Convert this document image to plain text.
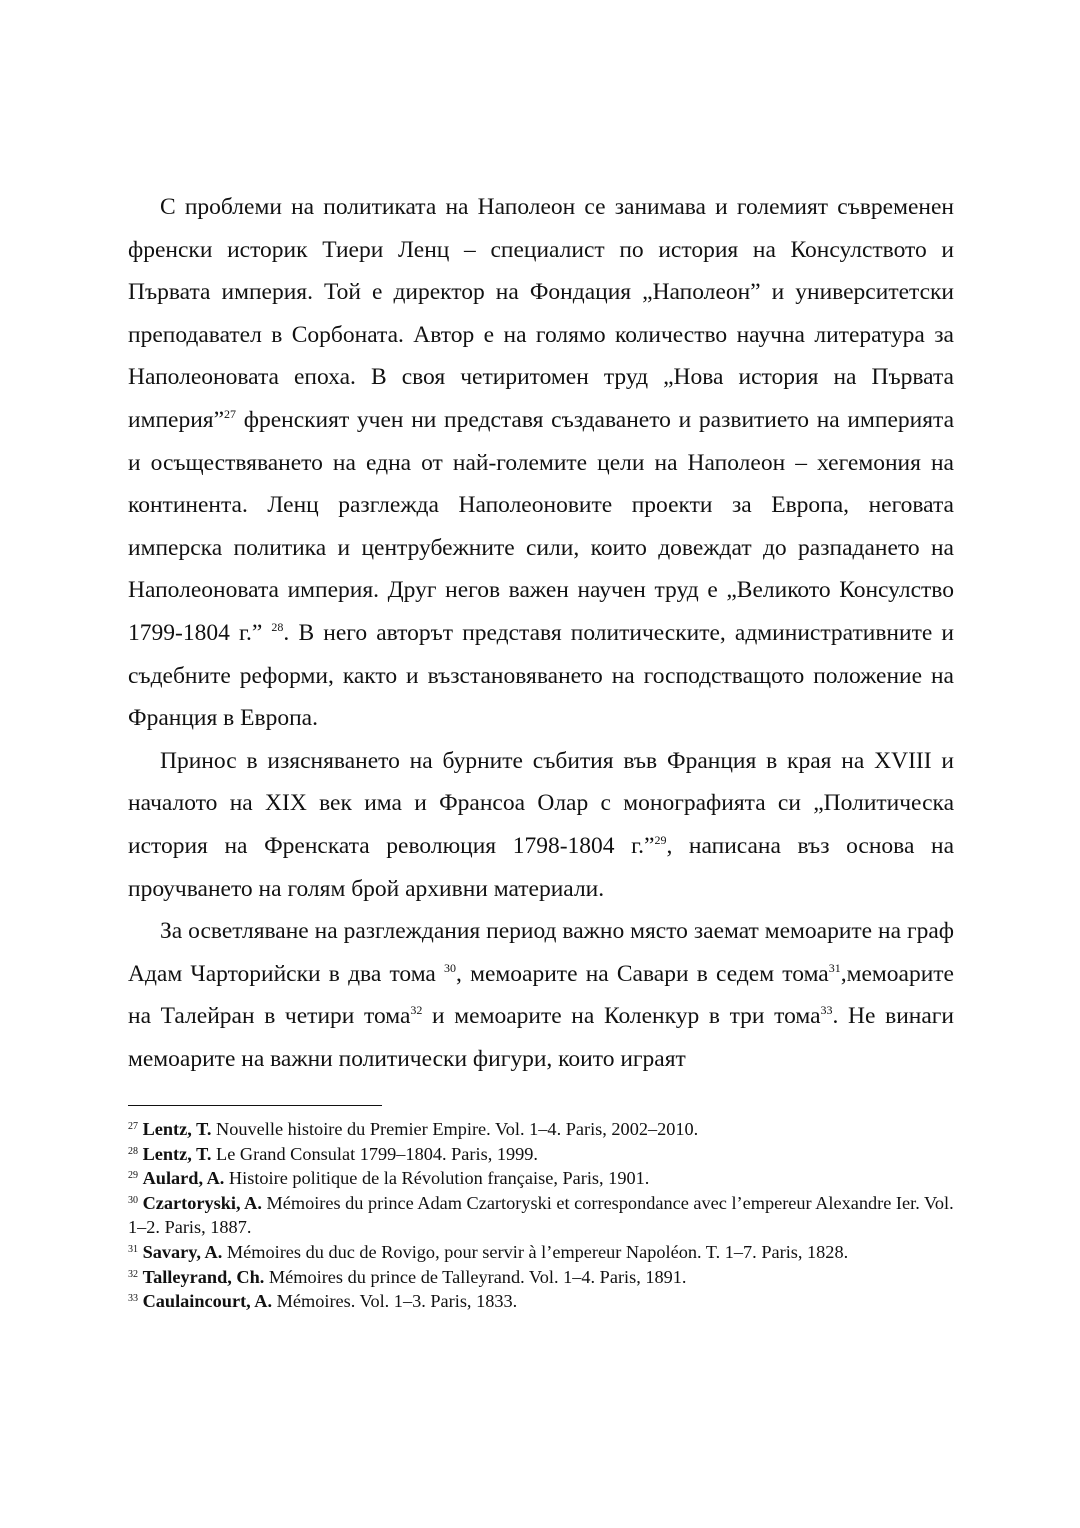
С проблеми на политиката на Наполеон се занимава и големият съвременен френски историк Тиери Ленц – специалист по история на Консулството и Първата империя. Той е директор на Фондация „Наполеон” и университетски преподавател в Сорбоната. Автор е на голямо количество научна литература за Наполеоновата епоха. В своя четиритомен труд „Нова история на Първата империя”$^{27}$ френският учен ни представя създаването и развитието на империята и осъществяването на една от най-големите цели на Наполеон – хегемония на континента. Ленц разглежда Наполеоновите проекти за Европа, неговата имперска политика и центрубежните сили, които довеждат до разпадането на Наполеоновата империя. Друг негов важен научен труд е „Великото Консулство 1799-1804 г.” $^{28}$. В него авторът представя политическите, административните и съдебните реформи, както и възстановяването на господстващото положение на Франция в Европа.

Принос в изясняването на бурните събития във Франция в края на XVIII и началото на XIX век има и Франсоа Олар с монографията си „Политическа история на Френската революция 1798-1804 г.”$^{29}$, написана въз основа на проучването на голям брой архивни материали.

За осветляване на разглеждания период важно място заемат мемоарите на граф Адам Чарторийски в два тома $^{30}$, мемоарите на Савари в седем тома$^{31}$,мемоарите на Талейран в четири тома$^{32}$ и мемоарите на Коленкур в три тома$^{33}$. Не винаги мемоарите на важни политически фигури, които играят

$^{27}$ Lentz, T. Nouvelle histoire du Premier Empire. Vol. 1–4. Paris, 2002–2010.

$^{28}$ Lentz, T. Le Grand Consulat 1799–1804. Paris, 1999.

$^{29}$ Aulard, A. Histoire politique de la Révolution française, Paris, 1901.

$^{30}$ Czartoryski, A. Mémoires du prince Adam Czartoryski et correspondance avec l’empereur Alexandre Ier. Vol. 1–2. Paris, 1887.

$^{31}$ Savary, A. Mémoires du duc de Rovigo, pour servir à l’empereur Napoléon. T. 1–7. Paris, 1828.

$^{32}$ Talleyrand, Ch. Mémoires du prince de Talleyrand. Vol. 1–4. Paris, 1891.

$^{33}$ Caulaincourt, A. Mémoires. Vol. 1–3. Paris, 1833.
